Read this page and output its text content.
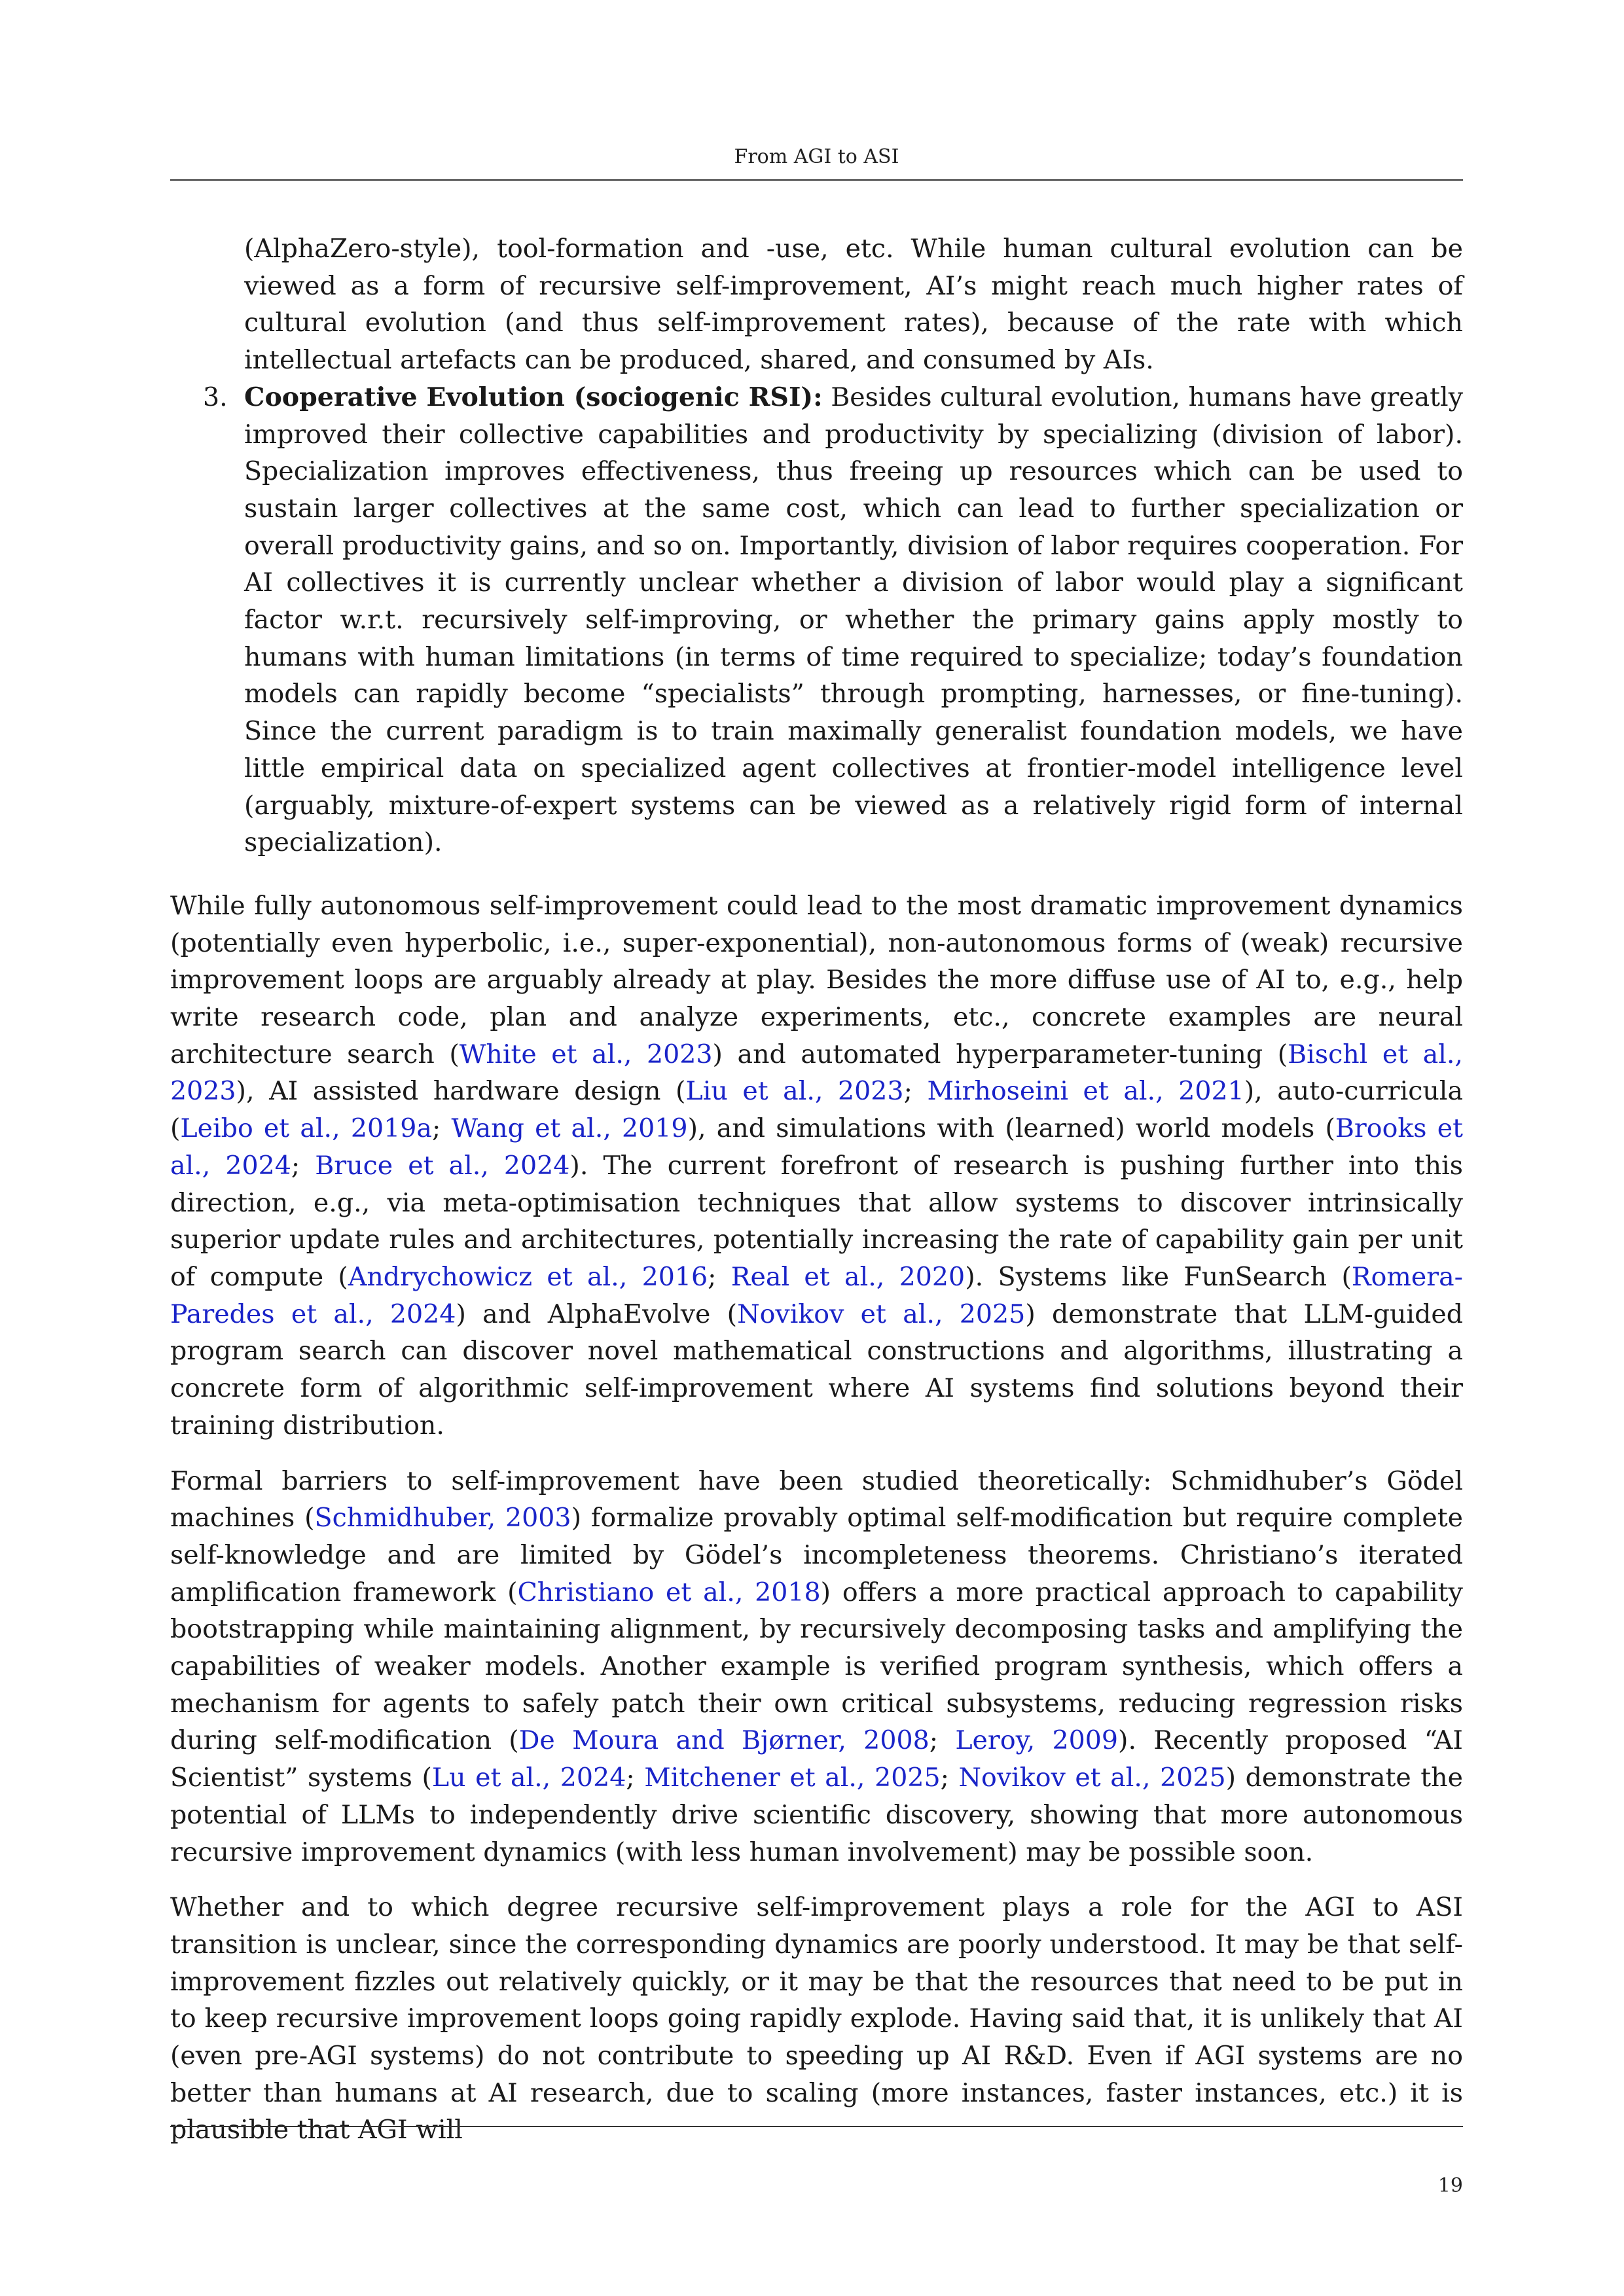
From AGI to ASI

(AlphaZero-style), tool-formation and -use, etc. While human cultural evolution can be viewed as a form of recursive self-improvement, AI’s might reach much higher rates of cultural evolution (and thus self-improvement rates), because of the rate with which intellectual artefacts can be produced, shared, and consumed by AIs.

3. Cooperative Evolution (sociogenic RSI): Besides cultural evolution, humans have greatly improved their collective capabilities and productivity by specializing (division of labor). Specialization improves effectiveness, thus freeing up resources which can be used to sustain larger collectives at the same cost, which can lead to further specialization or overall productivity gains, and so on. Importantly, division of labor requires cooperation. For AI collectives it is currently unclear whether a division of labor would play a significant factor w.r.t. recursively self-improving, or whether the primary gains apply mostly to humans with human limitations (in terms of time required to specialize; today’s foundation models can rapidly become “specialists” through prompting, harnesses, or fine-tuning). Since the current paradigm is to train maximally generalist foundation models, we have little empirical data on specialized agent collectives at frontier-model intelligence level (arguably, mixture-of-expert systems can be viewed as a relatively rigid form of internal specialization).

While fully autonomous self-improvement could lead to the most dramatic improvement dynamics (potentially even hyperbolic, i.e., super-exponential), non-autonomous forms of (weak) recursive improvement loops are arguably already at play. Besides the more diffuse use of AI to, e.g., help write research code, plan and analyze experiments, etc., concrete examples are neural architecture search (White et al., 2023) and automated hyperparameter-tuning (Bischl et al., 2023), AI assisted hardware design (Liu et al., 2023; Mirhoseini et al., 2021), auto-curricula (Leibo et al., 2019a; Wang et al., 2019), and simulations with (learned) world models (Brooks et al., 2024; Bruce et al., 2024). The current forefront of research is pushing further into this direction, e.g., via meta-optimisation techniques that allow systems to discover intrinsically superior update rules and architectures, potentially increasing the rate of capability gain per unit of compute (Andrychowicz et al., 2016; Real et al., 2020). Systems like FunSearch (Romera-Paredes et al., 2024) and AlphaEvolve (Novikov et al., 2025) demonstrate that LLM-guided program search can discover novel mathematical constructions and algorithms, illustrating a concrete form of algorithmic self-improvement where AI systems find solutions beyond their training distribution.

Formal barriers to self-improvement have been studied theoretically: Schmidhuber’s Gödel machines (Schmidhuber, 2003) formalize provably optimal self-modification but require complete self-knowledge and are limited by Gödel’s incompleteness theorems. Christiano’s iterated amplification framework (Christiano et al., 2018) offers a more practical approach to capability bootstrapping while maintaining alignment, by recursively decomposing tasks and amplifying the capabilities of weaker models. Another example is verified program synthesis, which offers a mechanism for agents to safely patch their own critical subsystems, reducing regression risks during self-modification (De Moura and Bjørner, 2008; Leroy, 2009). Recently proposed “AI Scientist” systems (Lu et al., 2024; Mitchener et al., 2025; Novikov et al., 2025) demonstrate the potential of LLMs to independently drive scientific discovery, showing that more autonomous recursive improvement dynamics (with less human involvement) may be possible soon.

Whether and to which degree recursive self-improvement plays a role for the AGI to ASI transition is unclear, since the corresponding dynamics are poorly understood. It may be that self-improvement fizzles out relatively quickly, or it may be that the resources that need to be put in to keep recursive improvement loops going rapidly explode. Having said that, it is unlikely that AI (even pre-AGI systems) do not contribute to speeding up AI R&D. Even if AGI systems are no better than humans at AI research, due to scaling (more instances, faster instances, etc.) it is plausible that AGI will

19
